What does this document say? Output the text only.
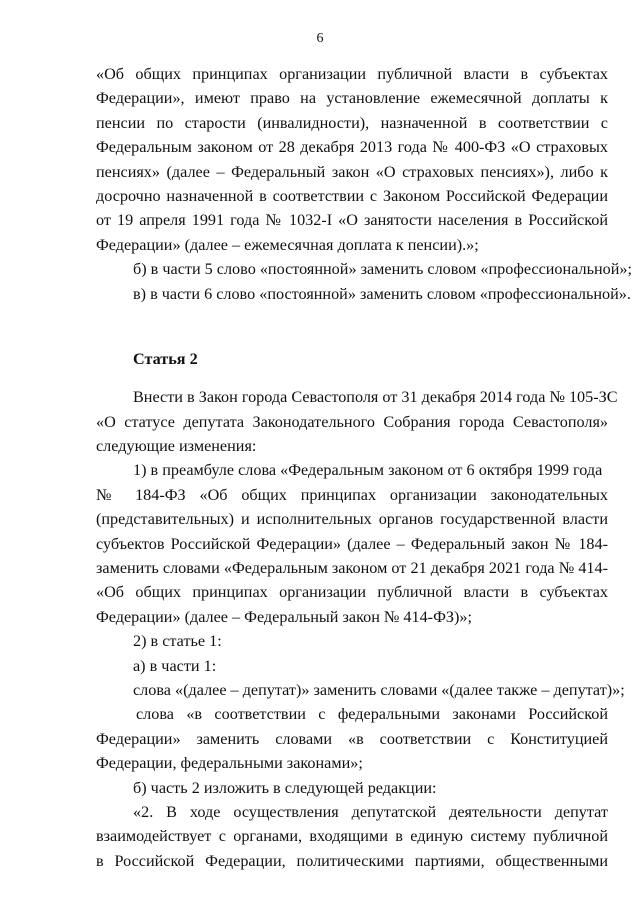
6
«Об общих принципах организации публичной власти в субъектах
Федерации», имеют право на установление ежемесячной доплаты к
пенсии по старости (инвалидности), назначенной в соответствии с
Федеральным законом от 28 декабря 2013 года № 400-ФЗ «О страховых
пенсиях» (далее – Федеральный закон «О страховых пенсиях»), либо к
досрочно назначенной в соответствии с Законом Российской Федерации
от 19 апреля 1991 года № 1032-I «О занятости населения в Российской
Федерации» (далее – ежемесячная доплата к пенсии).»;
б) в части 5 слово «постоянной» заменить словом «профессиональной»;
в) в части 6 слово «постоянной» заменить словом «профессиональной».
Статья 2
Внести в Закон города Севастополя от 31 декабря 2014 года № 105-ЗС
«О статусе депутата Законодательного Собрания города Севастополя»
следующие изменения:
1) в преамбуле слова «Федеральным законом от 6 октября 1999 года
№ 184-ФЗ «Об общих принципах организации законодательных
(представительных) и исполнительных органов государственной власти
субъектов Российской Федерации» (далее – Федеральный закон № 184-
заменить словами «Федеральным законом от 21 декабря 2021 года № 414-
«Об общих принципах организации публичной власти в субъектах
Федерации» (далее – Федеральный закон № 414-ФЗ)»;
2) в статье 1:
а) в части 1:
слова «(далее – депутат)» заменить словами «(далее также – депутат)»;
слова «в соответствии с федеральными законами Российской
Федерации» заменить словами «в соответствии с Конституцией
Федерации, федеральными законами»;
б) часть 2 изложить в следующей редакции:
«2. В ходе осуществления депутатской деятельности депутат
взаимодействует с органами, входящими в единую систему публичной
в Российской Федерации, политическими партиями, общественными
